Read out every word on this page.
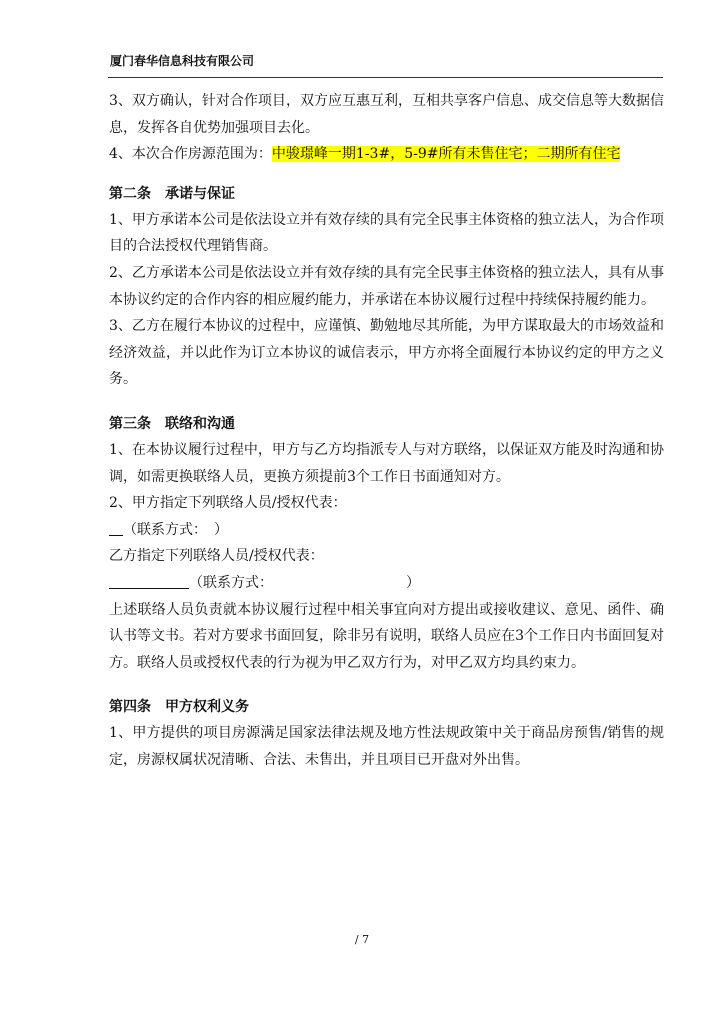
厦门春华信息科技有限公司

3、双方确认，针对合作项目，双方应互惠互利，互相共享客户信息、成交信息等大数据信息，发挥各自优势加强项目去化。

4、本次合作房源范围为：中骏璟峰一期1-3#，5-9#所有未售住宅；二期所有住宅

第二条　承诺与保证

1、甲方承诺本公司是依法设立并有效存续的具有完全民事主体资格的独立法人，为合作项目的合法授权代理销售商。

2、乙方承诺本公司是依法设立并有效存续的具有完全民事主体资格的独立法人，具有从事本协议约定的合作内容的相应履约能力，并承诺在本协议履行过程中持续保持履约能力。

3、乙方在履行本协议的过程中，应谨慎、勤勉地尽其所能，为甲方谋取最大的市场效益和经济效益，并以此作为订立本协议的诚信表示，甲方亦将全面履行本协议约定的甲方之义务。

第三条　联络和沟通

1、在本协议履行过程中，甲方与乙方均指派专人与对方联络，以保证双方能及时沟通和协调，如需更换联络人员，更换方须提前3个工作日书面通知对方。

2、甲方指定下列联络人员/授权代表：

（联系方式：　）

乙方指定下列联络人员/授权代表：

（联系方式：　　　　　　　　　　）

上述联络人员负责就本协议履行过程中相关事宜向对方提出或接收建议、意见、函件、确认书等文书。若对方要求书面回复，除非另有说明，联络人员应在3个工作日内书面回复对方。联络人员或授权代表的行为视为甲乙双方行为，对甲乙双方均具约束力。

第四条　甲方权利义务

1、甲方提供的项目房源满足国家法律法规及地方性法规政策中关于商品房预售/销售的规定，房源权属状况清晰、合法、未售出，并且项目已开盘对外出售。

/ 7
